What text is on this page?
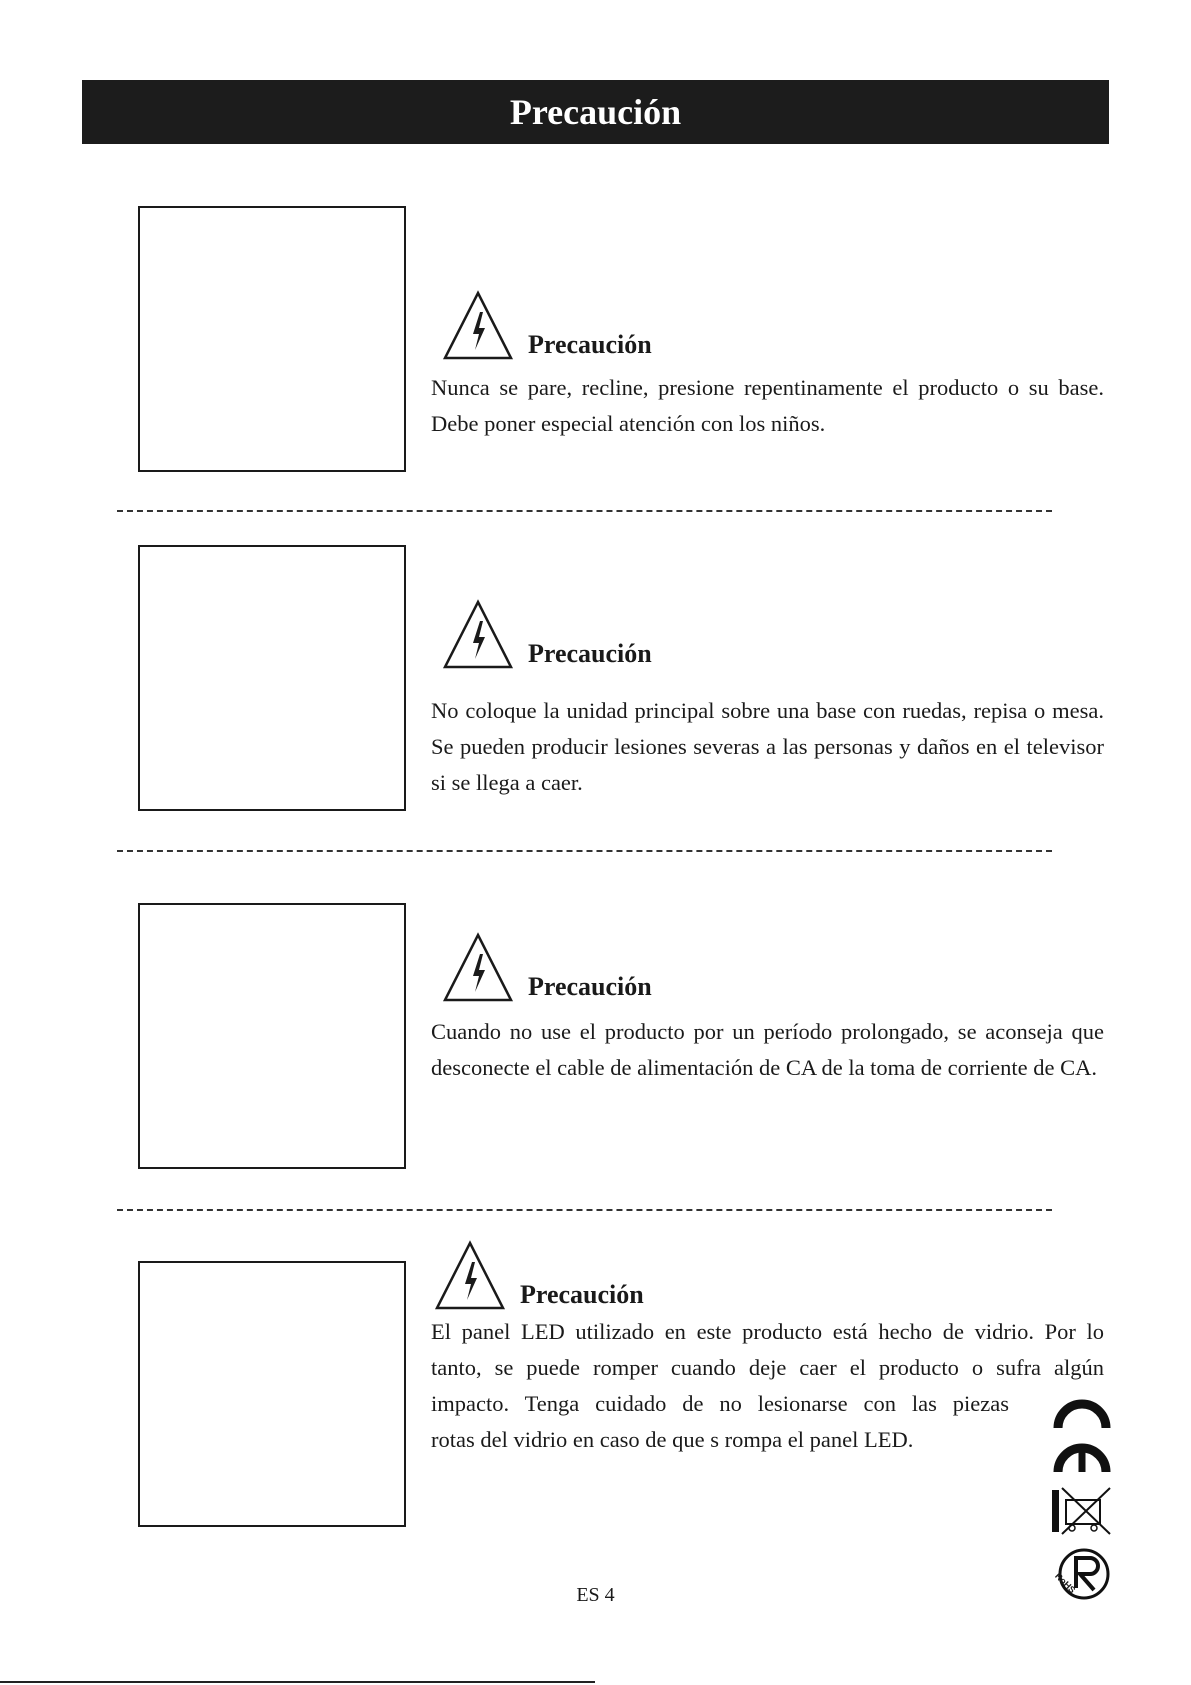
Precaución
Precaución
Nunca se pare, recline, presione repentinamente el producto o su base. Debe poner especial atención con los niños.
Precaución
No coloque la unidad principal sobre una base con ruedas, repisa o mesa. Se pueden producir lesiones severas a las personas y daños en el televisor si se llega a caer.
Precaución
Cuando no use el producto por un período prolongado, se aconseja que desconecte el cable de alimentación de CA de la toma de corriente de CA.
Precaución
El panel LED utilizado en este producto está hecho de vidrio. Por lo
tanto, se puede romper cuando deje caer el producto o sufra algún
impacto. Tenga cuidado de no lesionarse con las piezas
rotas del vidrio en caso de que s rompa el panel LED.
RoHS
ES 4
